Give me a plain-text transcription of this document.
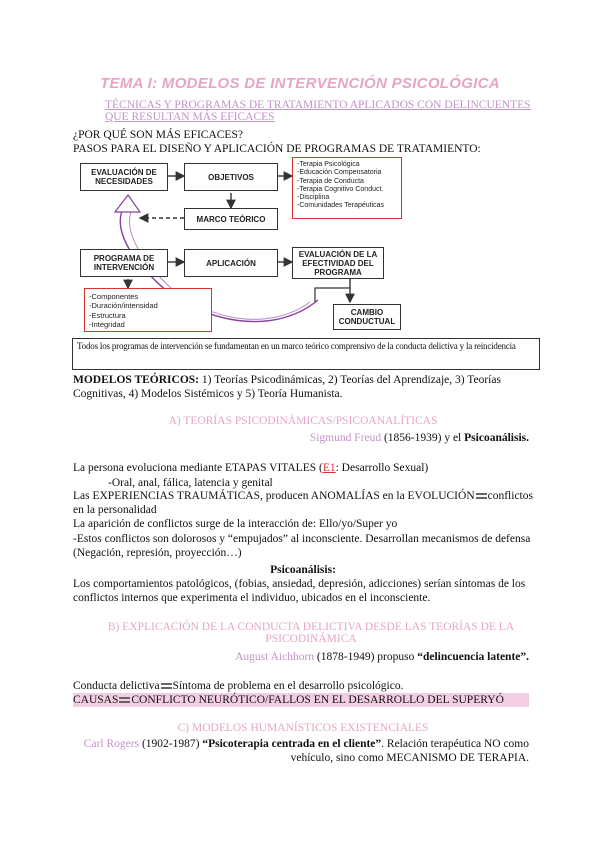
TEMA I: MODELOS DE INTERVENCIÓN PSICOLÓGICA
TÉCNICAS Y PROGRAMAS DE TRATAMIENTO APLICADOS CON DELINCUENTES QUE RESULTAN MÁS EFICACES
¿POR QUÉ SON MÁS EFICACES?
PASOS PARA EL DISEÑO Y APLICACIÓN DE PROGRAMAS DE TRATAMIENTO:
EVALUACIÓN DE NECESIDADES	OBJETIVOS
MARCO TEÓRICO
PROGRAMA DE INTERVENCIÓN	APLICACIÓN
EVALUACIÓN DE LA EFECTIVIDAD DEL PROGRAMA
CAMBIO CONDUCTUAL
-Terapia Psicológica
-Educación Compensatoria
-Terapia de Conducta
-Terapia Cognitivo Conduct.
-Disciplina
-Comunidades Terapéuticas
-Componentes
-Duración/intensidad
-Estructura
-Integridad
Todos los programas de intervención se fundamentan en un marco teórico comprensivo de la conducta delictiva y la reincidencia
MODELOS TEÓRICOS: 1) Teorías Psicodinámicas, 2) Teorías del Aprendizaje, 3) Teorías Cognitivas, 4) Modelos Sistémicos y 5) Teoría Humanista.
A) TEORÍAS PSICODINÁMICAS/PSICOANALÍTICAS
Sigmund Freud (1856-1939) y el Psicoanálisis.
La persona evoluciona mediante ETAPAS VITALES (E1: Desarrollo Sexual)
-Oral, anal, fálica, latencia y genital
Las EXPERIENCIAS TRAUMÁTICAS, producen ANOMALÍAS en la EVOLUCIÓN conflictos en la personalidad
La aparición de conflictos surge de la interacción de: Ello/yo/Super yo
-Estos conflictos son dolorosos y “empujados” al inconsciente. Desarrollan mecanismos de defensa (Negación, represión, proyección…)
Psicoanálisis:
Los comportamientos patológicos, (fobias, ansiedad, depresión, adicciones) serían síntomas de los conflictos internos que experimenta el individuo, ubicados en el inconsciente.
B) EXPLICACIÓN DE LA CONDUCTA DELICTIVA DESDE LAS TEORÍAS DE LA PSICODINÁMICA
August Aichhorn (1878-1949) propuso “delincuencia latente”.
Conducta delictiva Síntoma de problema en el desarrollo psicológico.
CAUSAS CONFLICTO NEURÓTICO/FALLOS EN EL DESARROLLO DEL SUPERYÓ
C) MODELOS HUMANÍSTICOS EXISTENCIALES
Carl Rogers (1902-1987) “Psicoterapia centrada en el cliente”. Relación terapéutica NO como vehículo, sino como MECANISMO DE TERAPIA.
